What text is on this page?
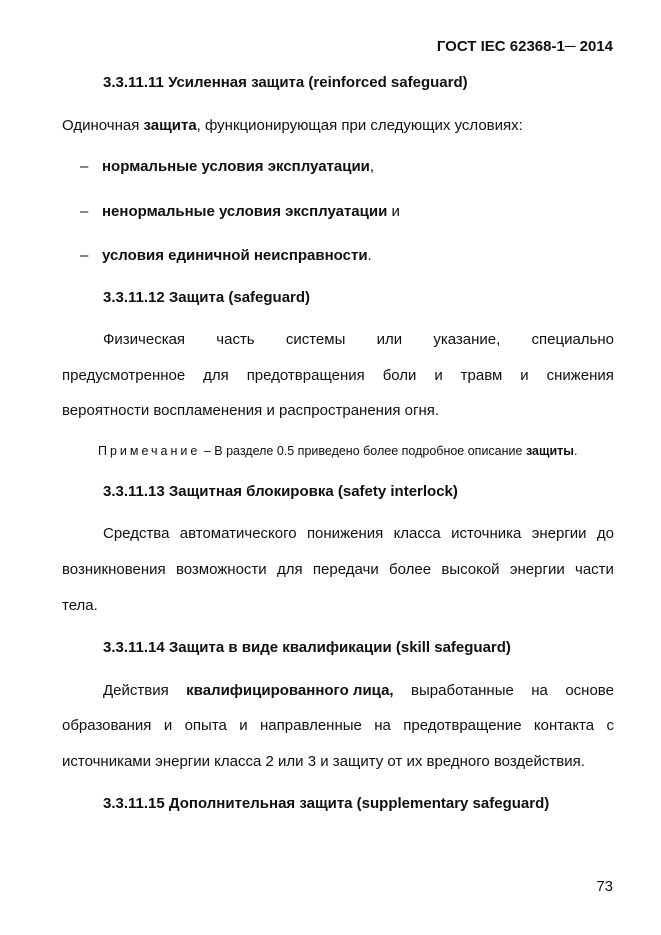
ГОСТ IEC 62368-1─ 2014
3.3.11.11 Усиленная защита (reinforced safeguard)
Одиночная защита, функционирующая при следующих условиях:
– нормальные условия эксплуатации,
– ненормальные условия эксплуатации и
– условия единичной неисправности.
3.3.11.12 Защита (safeguard)
Физическая часть системы или указание, специально
предусмотренное для предотвращения боли и травм и снижения
вероятности воспламенения и распространения огня.
Примечание – В разделе 0.5 приведено более подробное описание защиты.
3.3.11.13 Защитная блокировка (safety interlock)
Средства автоматического понижения класса источника энергии до
возникновения возможности для передачи более высокой энергии части
тела.
3.3.11.14 Защита в виде квалификации (skill safeguard)
Действия квалифицированного лица, выработанные на основе
образования и опыта и направленные на предотвращение контакта с
источниками энергии класса 2 или 3 и защиту от их вредного воздействия.
3.3.11.15 Дополнительная защита (supplementary safeguard)
73
